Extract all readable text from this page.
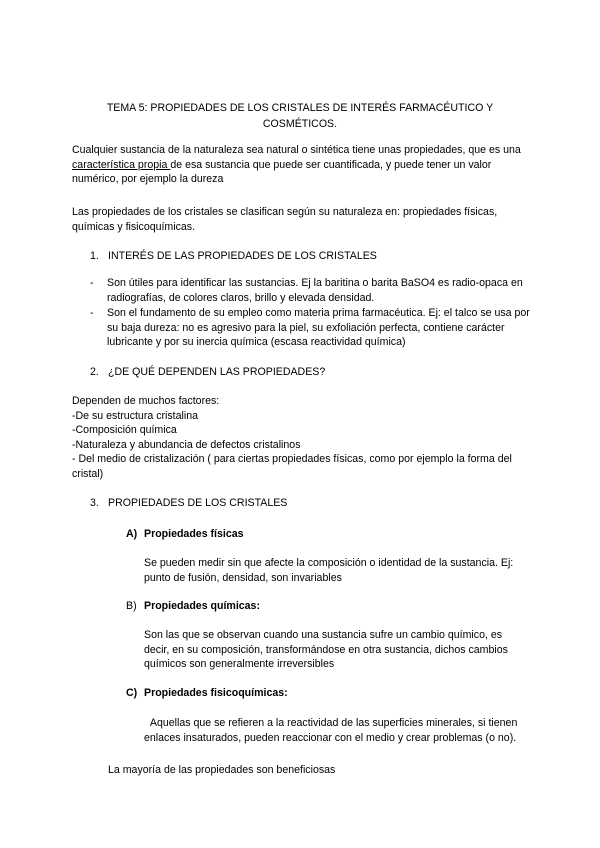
TEMA 5: PROPIEDADES DE LOS CRISTALES DE INTERÉS FARMACÉUTICO Y COSMÉTICOS.

Cualquier sustancia de la naturaleza sea natural o sintética tiene unas propiedades, que es una característica propia de esa sustancia que puede ser cuantificada, y puede tener un valor numérico, por ejemplo la dureza

Las propiedades de los cristales se clasifican según su naturaleza en: propiedades físicas, químicas y fisicoquímicas.

1. INTERÉS DE LAS PROPIEDADES DE LOS CRISTALES
- Son útiles para identificar las sustancias. Ej la baritina o barita BaSO4 es radio-opaca en radiografías, de colores claros, brillo y elevada densidad.
- Son el fundamento de su empleo como materia prima farmacéutica. Ej: el talco se usa por su baja dureza: no es agresivo para la piel, su exfoliación perfecta, contiene carácter lubricante y por su inercia química (escasa reactividad química)
2. ¿DE QUÉ DEPENDEN LAS PROPIEDADES?

Dependen de muchos factores:

-De su estructura cristalina

-Composición química

-Naturaleza y abundancia de defectos cristalinos

- Del medio de cristalización ( para ciertas propiedades físicas, como por ejemplo la forma del cristal)

3. PROPIEDADES DE LOS CRISTALES
A) Propiedades físicas
Se pueden medir sin que afecte la composición o identidad de la sustancia. Ej: punto de fusión, densidad, son invariables
B) Propiedades químicas:
Son las que se observan cuando una sustancia sufre un cambio químico, es decir, en su composición, transformándose en otra sustancia, dichos cambios químicos son generalmente irreversibles
C) Propiedades fisicoquímicas:
Aquellas que se refieren a la reactividad de las superficies minerales, si tienen enlaces insaturados, pueden reaccionar con el medio y crear problemas (o no).
La mayoría de las propiedades son beneficiosas
